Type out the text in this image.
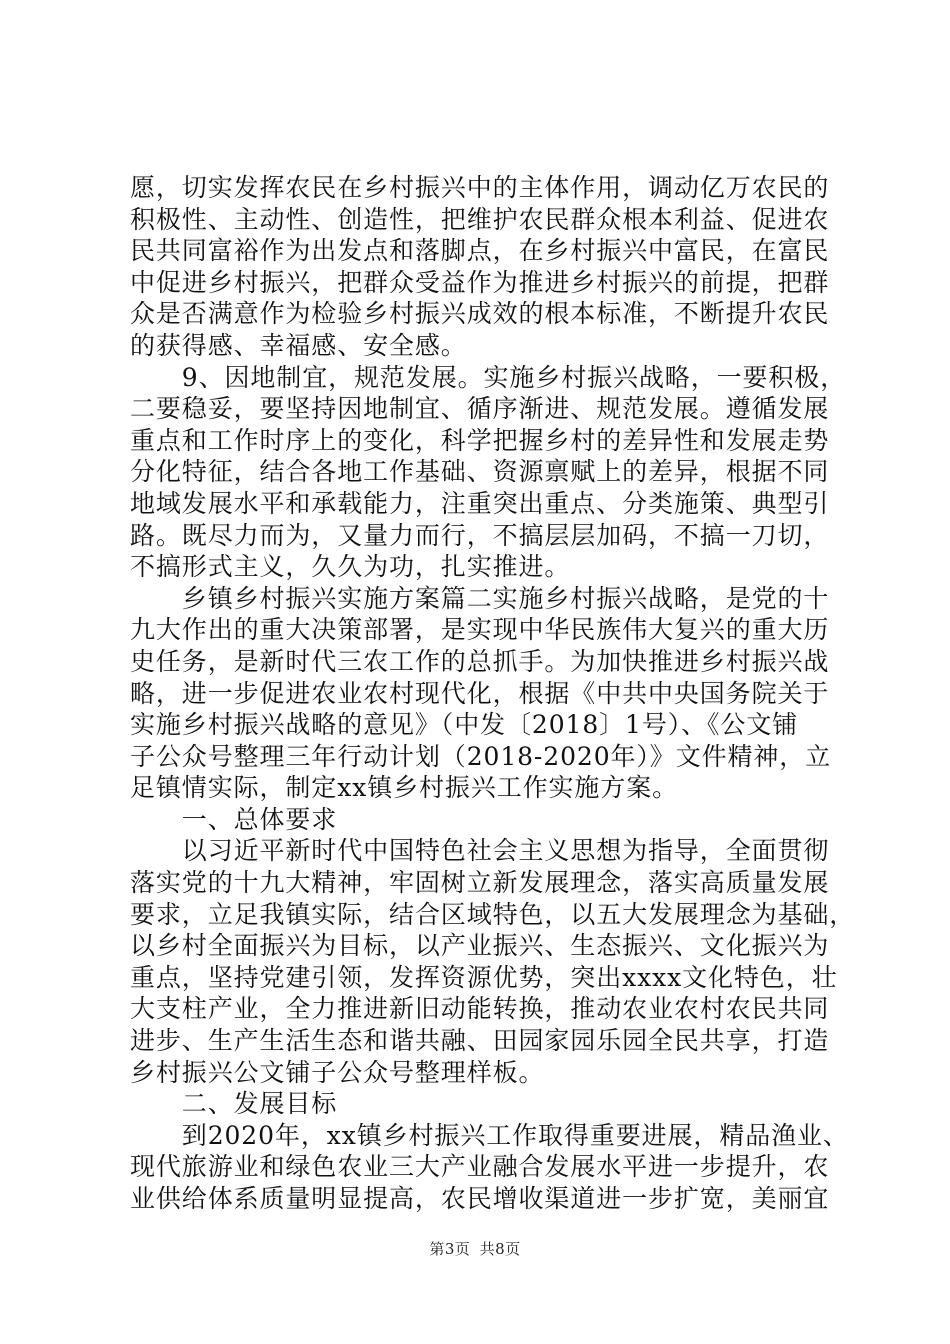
愿，切实发挥农民在乡村振兴中的主体作用，调动亿万农民的
积极性、主动性、创造性，把维护农民群众根本利益、促进农
民共同富裕作为出发点和落脚点，在乡村振兴中富民，在富民
中促进乡村振兴，把群众受益作为推进乡村振兴的前提，把群
众是否满意作为检验乡村振兴成效的根本标准，不断提升农民
的获得感、幸福感、安全感。
　　9、因地制宜，规范发展。实施乡村振兴战略，一要积极，
二要稳妥，要坚持因地制宜、循序渐进、规范发展。遵循发展
重点和工作时序上的变化，科学把握乡村的差异性和发展走势
分化特征，结合各地工作基础、资源禀赋上的差异，根据不同
地域发展水平和承载能力，注重突出重点、分类施策、典型引
路。既尽力而为，又量力而行，不搞层层加码，不搞一刀切，
不搞形式主义，久久为功，扎实推进。
　　乡镇乡村振兴实施方案篇二实施乡村振兴战略，是党的十
九大作出的重大决策部署，是实现中华民族伟大复兴的重大历
史任务，是新时代三农工作的总抓手。为加快推进乡村振兴战
略，进一步促进农业农村现代化，根据《中共中央国务院关于
实施乡村振兴战略的意见》（中发〔2018〕1号）、《公文铺
子公众号整理三年行动计划（2018-2020年）》文件精神，立
足镇情实际，制定xx镇乡村振兴工作实施方案。
　　一、总体要求
　　以习近平新时代中国特色社会主义思想为指导，全面贯彻
落实党的十九大精神，牢固树立新发展理念，落实高质量发展
要求，立足我镇实际，结合区域特色，以五大发展理念为基础，
以乡村全面振兴为目标，以产业振兴、生态振兴、文化振兴为
重点，坚持党建引领，发挥资源优势，突出xxxx文化特色，壮
大支柱产业，全力推进新旧动能转换，推动农业农村农民共同
进步、生产生活生态和谐共融、田园家园乐园全民共享，打造
乡村振兴公文铺子公众号整理样板。
　　二、发展目标
　　到2020年，xx镇乡村振兴工作取得重要进展，精品渔业、
现代旅游业和绿色农业三大产业融合发展水平进一步提升，农
业供给体系质量明显提高，农民增收渠道进一步扩宽，美丽宜
第3页 共8页
